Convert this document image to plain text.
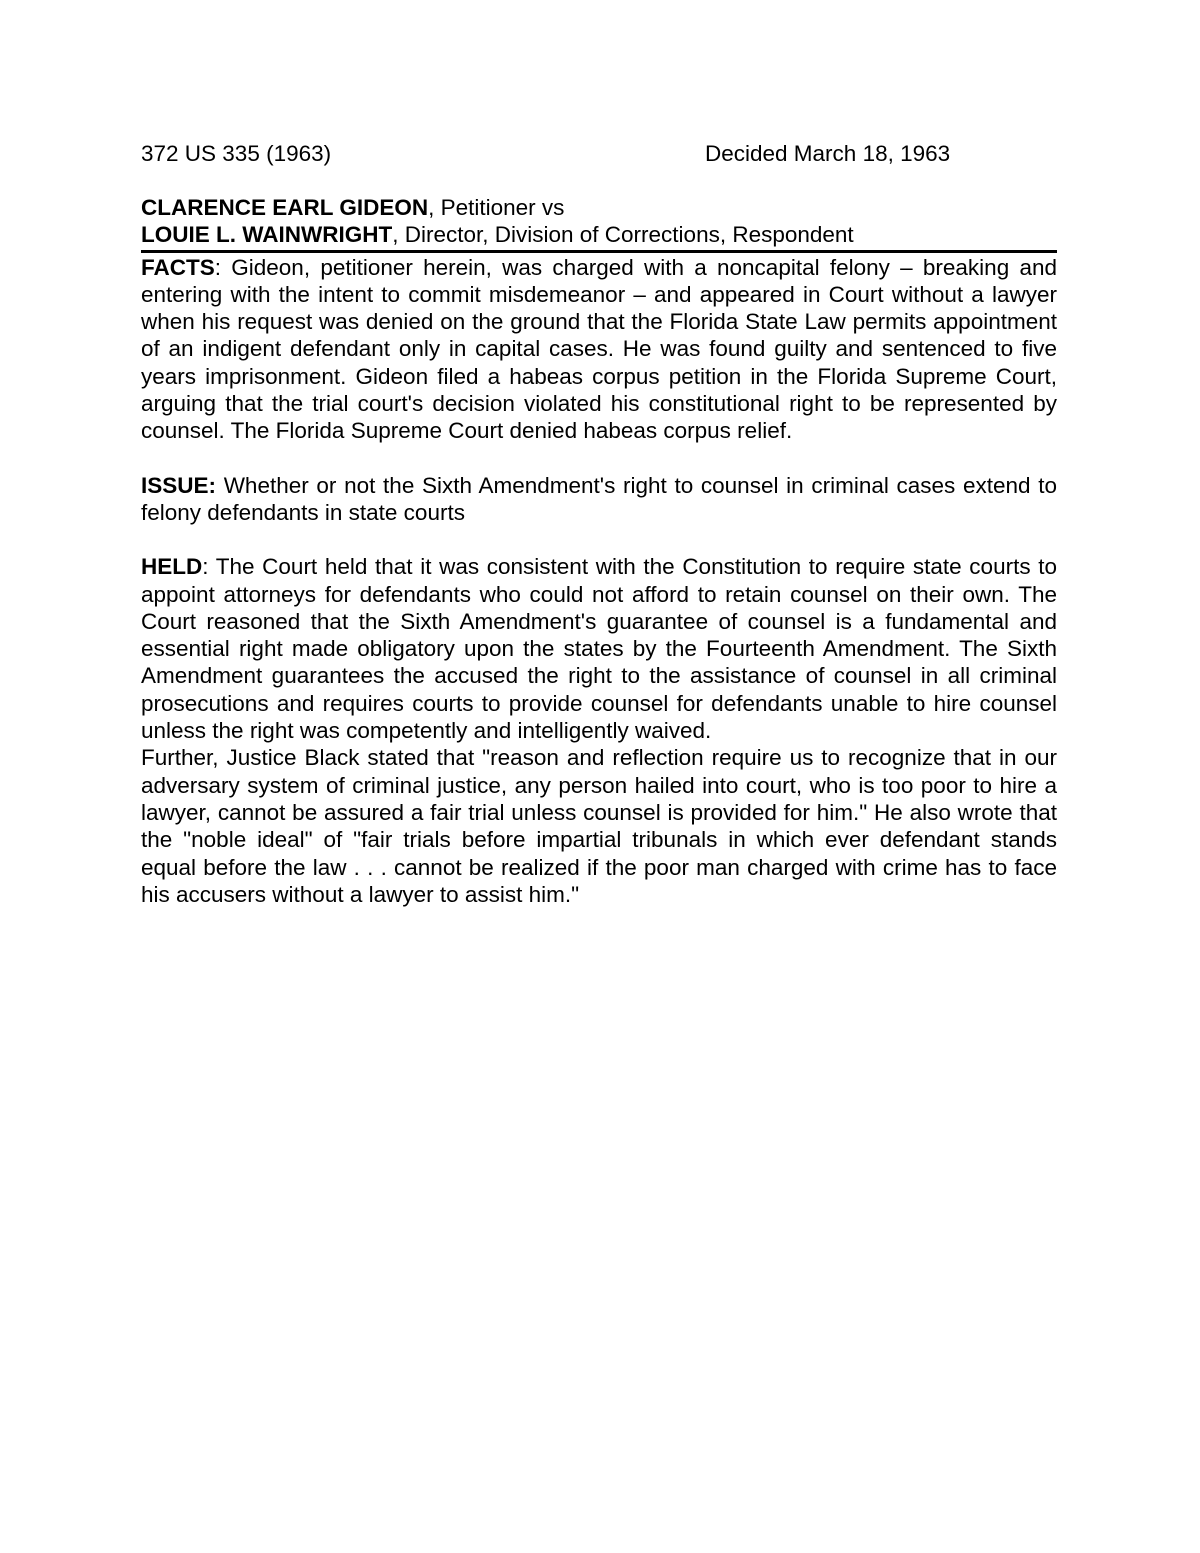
372 US 335 (1963)	Decided March 18, 1963
CLARENCE EARL GIDEON, Petitioner vs
LOUIE L. WAINWRIGHT, Director, Division of Corrections, Respondent

FACTS: Gideon, petitioner herein, was charged with a noncapital felony – breaking and entering with the intent to commit misdemeanor – and appeared in Court without a lawyer when his request was denied on the ground that the Florida State Law permits appointment of an indigent defendant only in capital cases. He was found guilty and sentenced to five years imprisonment. Gideon filed a habeas corpus petition in the Florida Supreme Court, arguing that the trial court's decision violated his constitutional right to be represented by counsel. The Florida Supreme Court denied habeas corpus relief.

ISSUE: Whether or not the Sixth Amendment's right to counsel in criminal cases extend to felony defendants in state courts

HELD: The Court held that it was consistent with the Constitution to require state courts to appoint attorneys for defendants who could not afford to retain counsel on their own. The Court reasoned that the Sixth Amendment's guarantee of counsel is a fundamental and essential right made obligatory upon the states by the Fourteenth Amendment. The Sixth Amendment guarantees the accused the right to the assistance of counsel in all criminal prosecutions and requires courts to provide counsel for defendants unable to hire counsel unless the right was competently and intelligently waived.

Further, Justice Black stated that "reason and reflection require us to recognize that in our adversary system of criminal justice, any person hailed into court, who is too poor to hire a lawyer, cannot be assured a fair trial unless counsel is provided for him." He also wrote that the "noble ideal" of "fair trials before impartial tribunals in which ever defendant stands equal before the law . . . cannot be realized if the poor man charged with crime has to face his accusers without a lawyer to assist him."
